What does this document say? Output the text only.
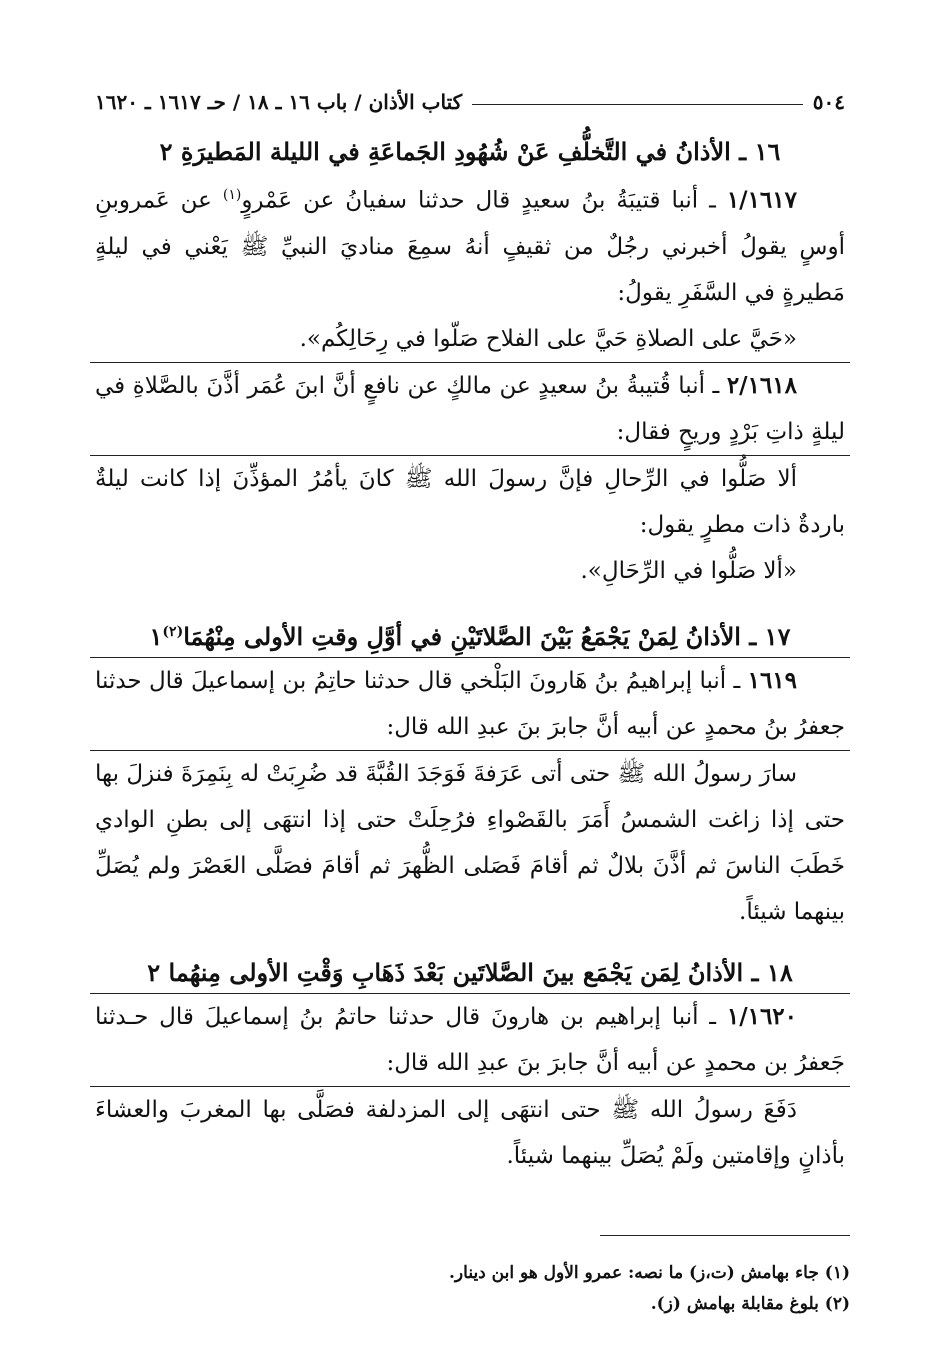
٥٠٤
كتاب الأذان / باب ١٦ ـ ١٨ / حـ ١٦١٧ ـ ١٦٢٠
١٦ ـ الأذانُ في التَّخلُّفِ عَنْ شُهُودِ الجَماعَةِ في الليلة المَطيرَةِ ٢

١/١٦١٧ ـ أنبا قتيبَةُ بنُ سعيدٍ قال حدثنا سفيانُ عن عَمْروٍ$^{(١)}$ عن عَمروبنِ أوسٍ يقولُ أخبرني رجُلٌ من ثقيفٍ أنهُ سمِعَ مناديَ النبيِّ ﷺ يَعْني في ليلةٍ مَطيرةٍ في السَّفَرِ يقولُ:

«حَيَّ على الصلاةِ حَيَّ على الفلاح صَلّوا في رِحَالِكُم».

٢/١٦١٨ ـ أنبا قُتيبةُ بنُ سعيدٍ عن مالكٍ عن نافعٍ أنَّ ابنَ عُمَر أذَّنَ بالصَّلاةِ في ليلةٍ ذاتِ بَرْدٍ وريحٍ فقال:

ألا صَلُّوا في الرِّحالِ فإنَّ رسولَ الله ﷺ كانَ يأمُرُ المؤذِّنَ إذا كانت ليلةٌ باردةٌ ذات مطرٍ يقول:

«ألا صَلُّوا في الرِّحَالِ».

١٧ ـ الأذانُ لِمَنْ يَجْمَعُ بَيْنَ الصَّلاتَيْنِ في أوَّلِ وقتِ الأولى مِنْهُمَا$^{(٢)}$١

١٦١٩ ـ أنبا إبراهيمُ بنُ هَارونَ البَلْخي قال حدثنا حاتِمُ بن إسماعيلَ قال حدثنا جعفرُ بنُ محمدٍ عن أبيه أنَّ جابرَ بنَ عبدِ الله قال:

سارَ رسولُ الله ﷺ حتى أتى عَرَفةَ فَوَجَدَ القُبَّةَ قد ضُرِبَتْ له بِنَمِرَةَ فنزلَ بها حتى إذا زاغت الشمسُ أَمَرَ بالقَصْواءِ فرُحِلَتْ حتى إذا انتهَى إلى بطنِ الوادي خَطَبَ الناسَ ثم أذَّنَ بلالٌ ثم أقامَ فَصَلى الظُّهرَ ثم أقامَ فصَلَّى العَصْرَ ولم يُصَلِّ بينهما شيئاً.

١٨ ـ الأذانُ لِمَن يَجْمَع بينَ الصَّلاتَين بَعْدَ ذَهَابِ وَقْتِ الأولى مِنهُما ٢

١/١٦٢٠ ـ أنبا إبراهيم بن هارونَ قال حدثنا حاتمُ بنُ إسماعيلَ قال حـدثنا جَعفرُ بن محمدٍ عن أبيه أنَّ جابرَ بنَ عبدِ الله قال:

دَفَعَ رسولُ الله ﷺ حتى انتهَى إلى المزدلفة فصَلَّى بها المغربَ والعشاءَ بأذانٍ وإقامتين ولَمْ يُصَلِّ بينهما شيئاً.

(١) جاء بهامش (ت،ز) ما نصه: عمرو الأول هو ابن دينار.

(٢) بلوغ مقابلة بهامش (ز).
